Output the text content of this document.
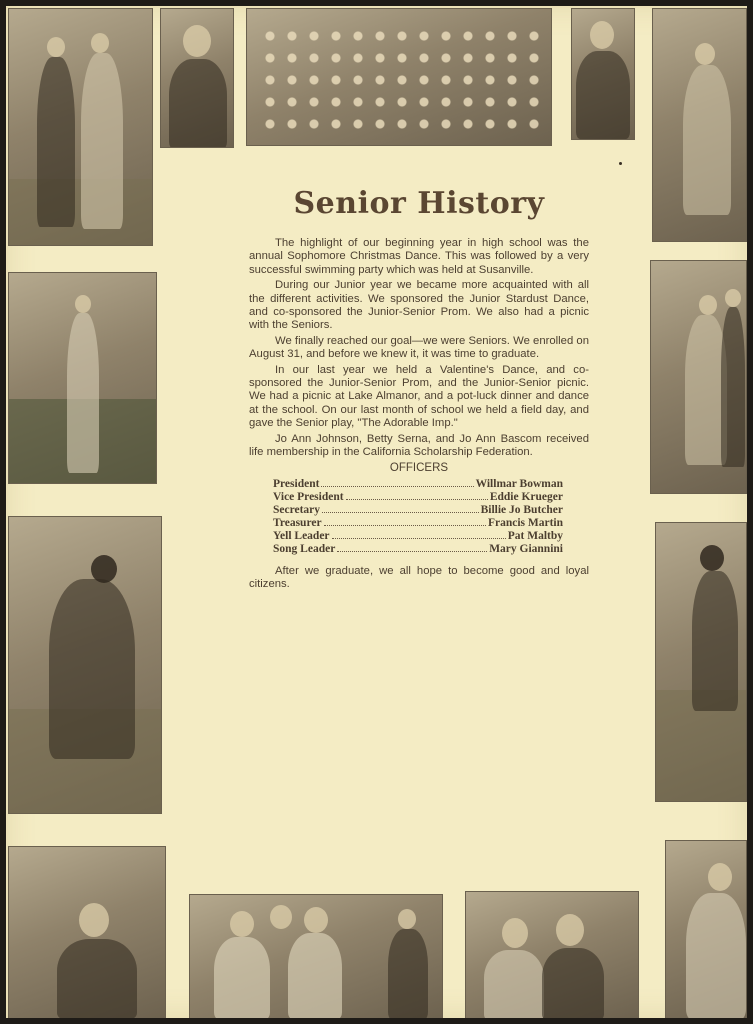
Senior History

The highlight of our beginning year in high school was the annual Sophomore Christmas Dance. This was followed by a very successful swimming party which was held at Susanville.

During our Junior year we became more acquainted with all the different activities. We sponsored the Junior Stardust Dance, and co-sponsored the Junior-Senior Prom. We also had a picnic with the Seniors.

We finally reached our goal—we were Seniors. We enrolled on August 31, and before we knew it, it was time to graduate.

In our last year we held a Valentine's Dance, and co-sponsored the Junior-Senior Prom, and the Junior-Senior picnic. We had a picnic at Lake Almanor, and a pot-luck dinner and dance at the school. On our last month of school we held a field day, and gave the Senior play, "The Adorable Imp."

Jo Ann Johnson, Betty Serna, and Jo Ann Bascom received life membership in the California Scholarship Federation.

OFFICERS
President	Willmar Bowman
Vice President	Eddie Krueger
Secretary	Billie Jo Butcher
Treasurer	Francis Martin
Yell Leader	Pat Maltby
Song Leader	Mary Giannini

After we graduate, we all hope to become good and loyal citizens.
